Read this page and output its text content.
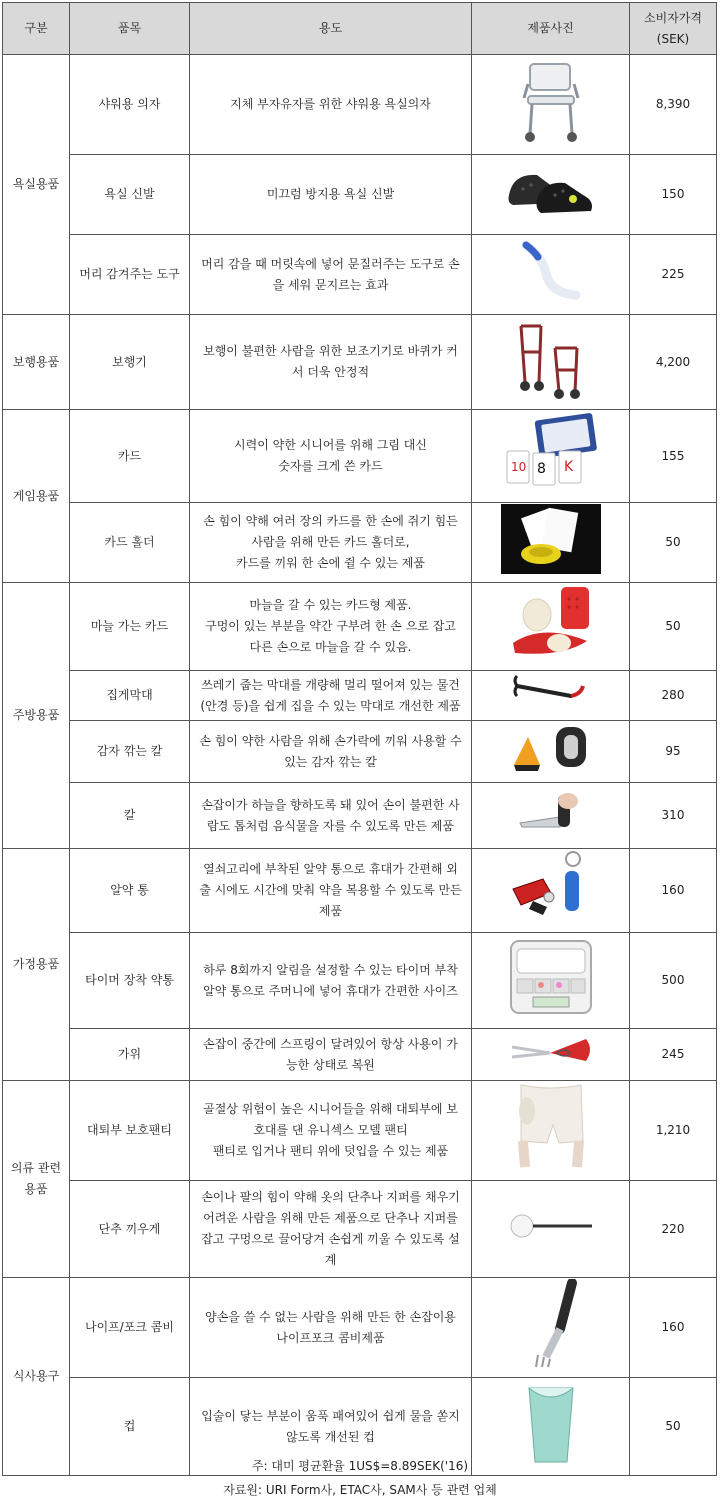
구분	품목	용도	제품사진	소비자가격
(SEK)

욕실용품	샤워용 의자	지체 부자유자를 위한 샤워용 욕실의자		8,390

	욕실 신발	미끄럼 방지용 욕실 신발		150

	머리 감겨주는 도구	머리 감을 때 머릿속에 넣어 문질러주는 도구로 손
을 세워 문지르는 효과		225

보행용품	보행기	보행이 불편한 사람을 위한 보조기기로 바퀴가 커
서 더욱 안정적		4,200

게임용품	카드	시력이 약한 시니어를 위해 그림 대신
숫자를 크게 쓴 카드	10 8 K	155

	카드 홀더	손 힘이 약해 여러 장의 카드를 한 손에 쥐기 힘든
사람을 위해 만든 카드 홀더로,
카드를 끼워 한 손에 쥘 수 있는 제품		50

주방용품	마늘 가는 카드	마늘을 갈 수 있는 카드형 제품.
구멍이 있는 부분을 약간 구부려 한 손 으로 잡고
다른 손으로 마늘을 갈 수 있음.		50

	집게막대	쓰레기 줍는 막대를 개량해 멀리 떨어져 있는 물건
(안경 등)을 쉽게 집을 수 있는 막대로 개선한 제품		280

	감자 깎는 칼	손 힘이 약한 사람을 위해 손가락에 끼워 사용할 수
있는 감자 깎는 칼		95

	칼	손잡이가 하늘을 향하도록 돼 있어 손이 불편한 사
람도 톱처럼 음식물을 자를 수 있도록 만든 제품		310

가정용품	알약 통	열쇠고리에 부착된 알약 통으로 휴대가 간편해 외
출 시에도 시간에 맞춰 약을 복용할 수 있도록 만든
제품		160

	타이머 장착 약통	하루 8회까지 알림을 설정할 수 있는 타이머 부착
알약 통으로 주머니에 넣어 휴대가 간편한 사이즈		500

	가위	손잡이 중간에 스프링이 달려있어 항상 사용이 가
능한 상태로 복원		245

의류 관련
용품	대퇴부 보호팬티	골절상 위험이 높은 시니어들을 위해 대퇴부에 보
호대를 댄 유니섹스 모델 팬티
팬티로 입거나 팬티 위에 덧입을 수 있는 제품		1,210

	단추 끼우게	손이나 팔의 힘이 약해 옷의 단추나 지퍼를 채우기
어려운 사람을 위해 만든 제품으로 단추나 지퍼를
잡고 구멍으로 끌어당겨 손쉽게 끼울 수 있도록 설
계		220

식사용구	나이프/포크 콤비	양손을 쓸 수 없는 사람을 위해 만든 한 손잡이용
나이프포크 콤비제품		160

	컵	입술이 닿는 부분이 움푹 패여있어 쉽게 물을 쏟지
않도록 개선된 컵		50
주: 대미 평균환율 1US$=8.89SEK('16)
자료원: URI Form사, ETAC사, SAM사 등 관련 업체
